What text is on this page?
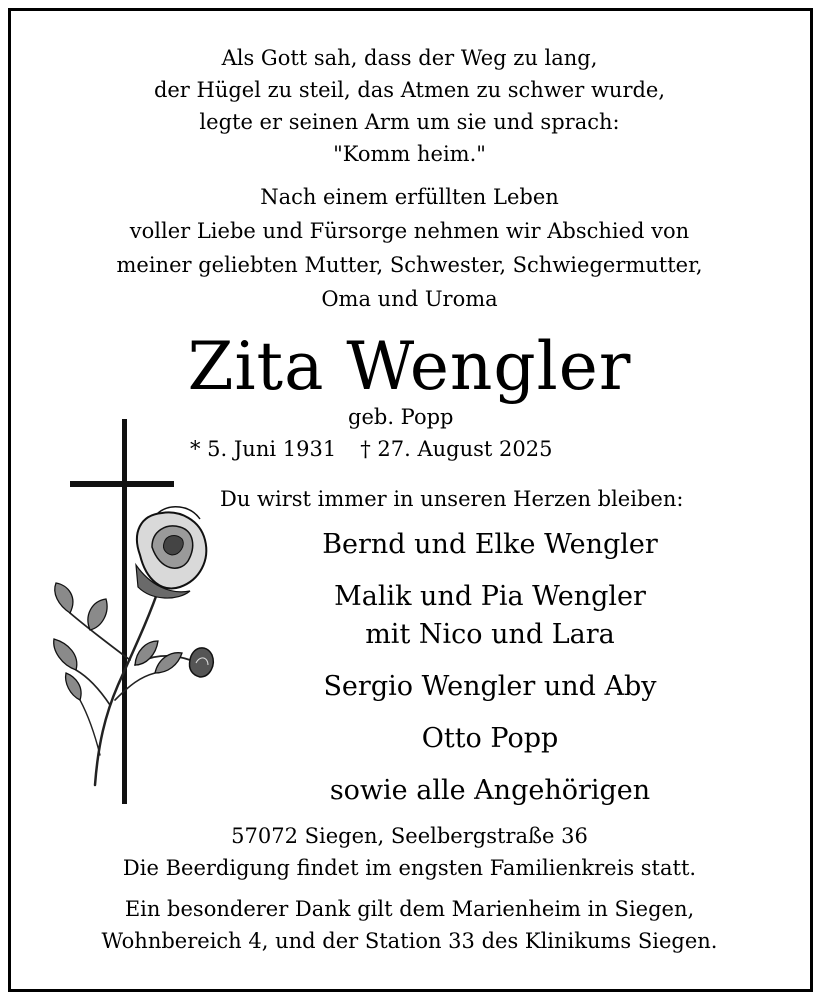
Als Gott sah, dass der Weg zu lang,
der Hügel zu steil, das Atmen zu schwer wurde,
legte er seinen Arm um sie und sprach:
"Komm heim."
Nach einem erfüllten Leben
voller Liebe und Fürsorge nehmen wir Abschied von
meiner geliebten Mutter, Schwester, Schwiegermutter,
Oma und Uroma
Zita Wengler
geb. Popp
* 5. Juni 1931 † 27. August 2025
Du wirst immer in unseren Herzen bleiben:
Bernd und Elke Wengler
Malik und Pia Wengler
mit Nico und Lara
Sergio Wengler und Aby
Otto Popp
sowie alle Angehörigen
57072 Siegen, Seelbergstraße 36
Die Beerdigung findet im engsten Familienkreis statt.
Ein besonderer Dank gilt dem Marienheim in Siegen,
Wohnbereich 4, und der Station 33 des Klinikums Siegen.
